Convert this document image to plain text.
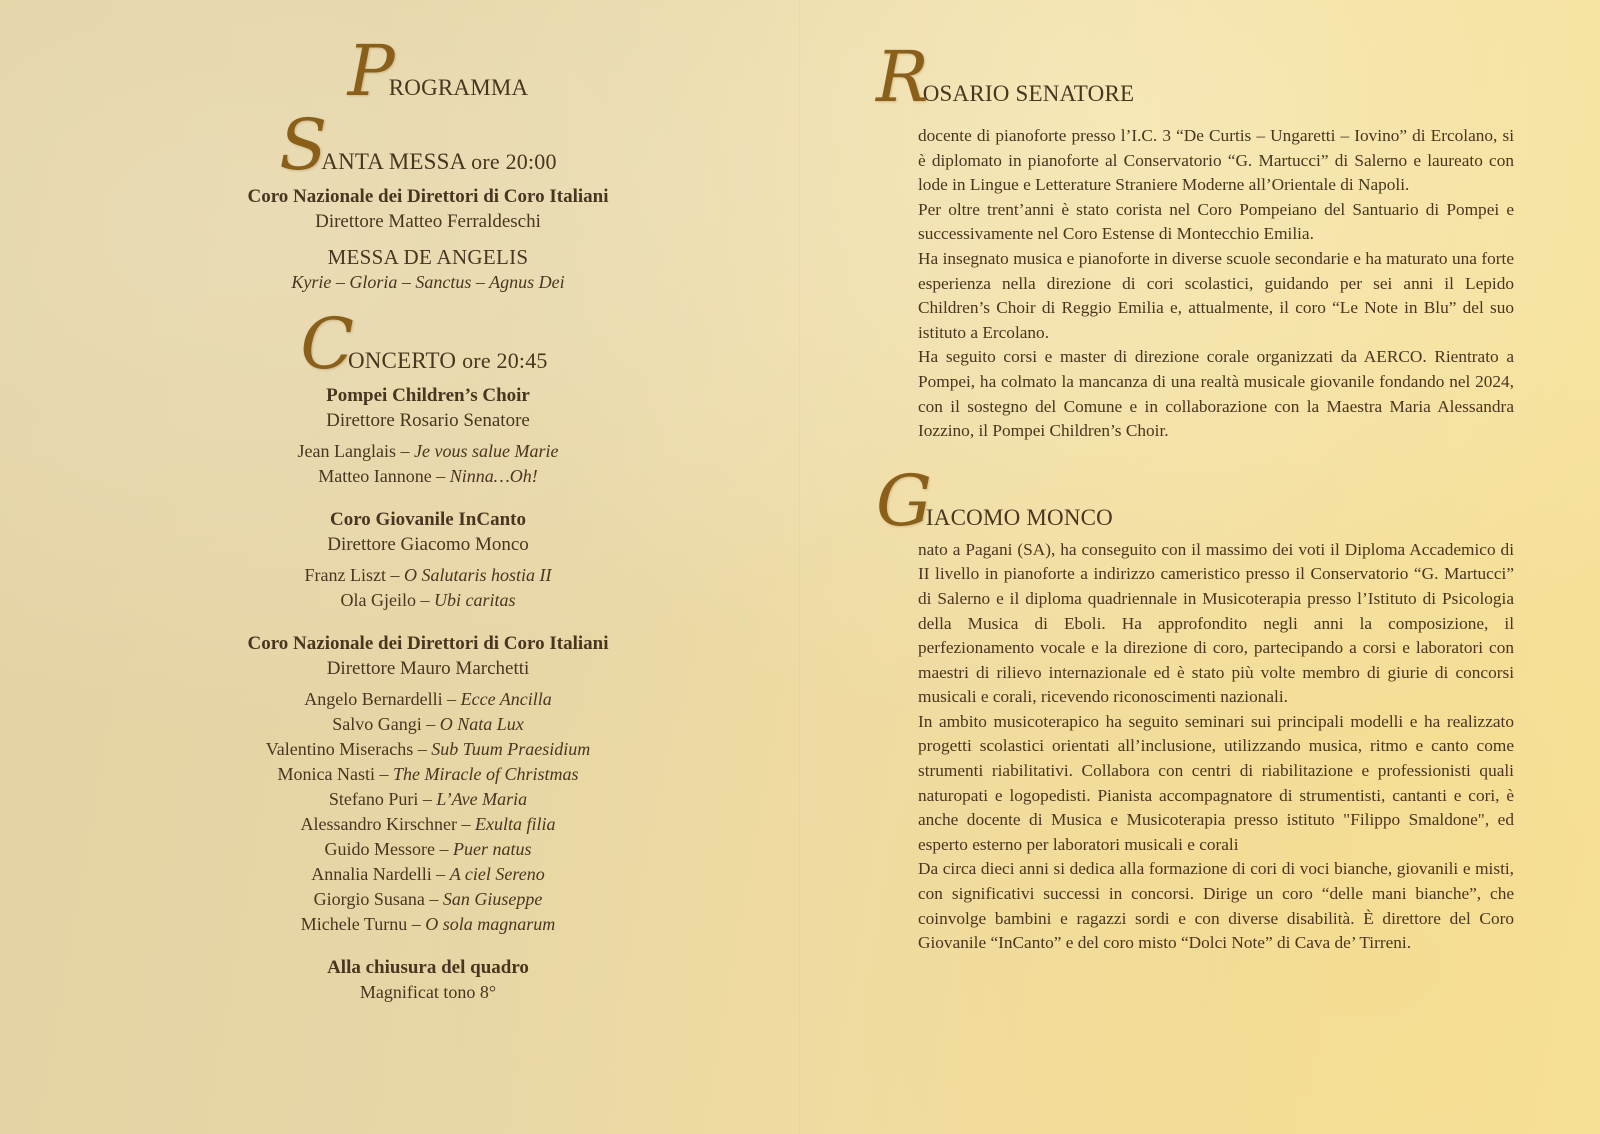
PROGRAMMA
SANTA MESSA ore 20:00
Coro Nazionale dei Direttori di Coro Italiani
Direttore Matteo Ferraldeschi
MESSA DE ANGELIS
Kyrie – Gloria – Sanctus – Agnus Dei
CONCERTO ore 20:45
Pompei Children’s Choir
Direttore Rosario Senatore
Jean Langlais – Je vous salue Marie
Matteo Iannone – Ninna…Oh!
Coro Giovanile InCanto
Direttore Giacomo Monco
Franz Liszt – O Salutaris hostia II
Ola Gjeilo – Ubi caritas
Coro Nazionale dei Direttori di Coro Italiani
Direttore Mauro Marchetti
Angelo Bernardelli – Ecce Ancilla
Salvo Gangi – O Nata Lux
Valentino Miserachs – Sub Tuum Praesidium
Monica Nasti – The Miracle of Christmas
Stefano Puri – L’Ave Maria
Alessandro Kirschner – Exulta filia
Guido Messore – Puer natus
Annalia Nardelli – A ciel Sereno
Giorgio Susana – San Giuseppe
Michele Turnu – O sola magnarum
Alla chiusura del quadro
Magnificat tono 8°
ROSARIO SENATORE

docente di pianoforte presso l’I.C. 3 “De Curtis – Ungaretti – Iovino” di Ercolano, si è diplomato in pianoforte al Conservatorio “G. Martucci” di Salerno e laureato con lode in Lingue e Letterature Straniere Moderne all’Orientale di Napoli.

Per oltre trent’anni è stato corista nel Coro Pompeiano del Santuario di Pompei e successivamente nel Coro Estense di Montecchio Emilia.

Ha insegnato musica e pianoforte in diverse scuole secondarie e ha maturato una forte esperienza nella direzione di cori scolastici, guidando per sei anni il Lepido Children’s Choir di Reggio Emilia e, attualmente, il coro “Le Note in Blu” del suo istituto a Ercolano.

Ha seguito corsi e master di direzione corale organizzati da AERCO. Rientrato a Pompei, ha colmato la mancanza di una realtà musicale giovanile fondando nel 2024, con il sostegno del Comune e in collaborazione con la Maestra Maria Alessandra Iozzino, il Pompei Children’s Choir.

GIACOMO MONCO

nato a Pagani (SA), ha conseguito con il massimo dei voti il Diploma Accademico di II livello in pianoforte a indirizzo cameristico presso il Conservatorio “G. Martucci” di Salerno e il diploma quadriennale in Musicoterapia presso l’Istituto di Psicologia della Musica di Eboli. Ha approfondito negli anni la composizione, il perfezionamento vocale e la direzione di coro, partecipando a corsi e laboratori con maestri di rilievo internazionale ed è stato più volte membro di giurie di concorsi musicali e corali, ricevendo riconoscimenti nazionali.

In ambito musicoterapico ha seguito seminari sui principali modelli e ha realizzato progetti scolastici orientati all’inclusione, utilizzando musica, ritmo e canto come strumenti riabilitativi. Collabora con centri di riabilitazione e professionisti quali naturopati e logopedisti. Pianista accompagnatore di strumentisti, cantanti e cori, è anche docente di Musica e Musicoterapia presso istituto "Filippo Smaldone", ed esperto esterno per laboratori musicali e corali

Da circa dieci anni si dedica alla formazione di cori di voci bianche, giovanili e misti, con significativi successi in concorsi. Dirige un coro “delle mani bianche”, che coinvolge bambini e ragazzi sordi e con diverse disabilità. È direttore del Coro Giovanile “InCanto” e del coro misto “Dolci Note” di Cava de’ Tirreni.
